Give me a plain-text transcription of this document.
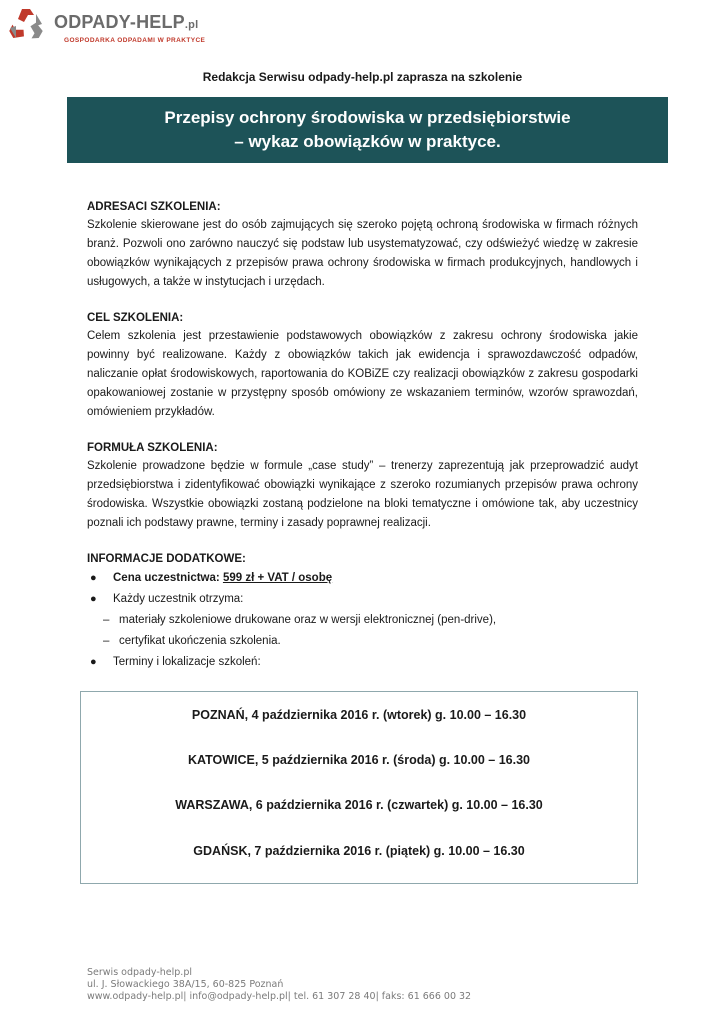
ODPADY-HELP.pl
GOSPODARKA ODPADAMI W PRAKTYCE
Redakcja Serwisu odpady-help.pl zaprasza na szkolenie
Przepisy ochrony środowiska w przedsiębiorstwie
– wykaz obowiązków w praktyce.
ADRESACI SZKOLENIA:
Szkolenie skierowane jest do osób zajmujących się szeroko pojętą ochroną środowiska w firmach różnych branż. Pozwoli ono zarówno nauczyć się podstaw lub usystematyzować, czy odświeżyć wiedzę w zakresie obowiązków wynikających z przepisów prawa ochrony środowiska w firmach produkcyjnych, handlowych i usługowych, a także w instytucjach i urzędach.
CEL SZKOLENIA:
Celem szkolenia jest przestawienie podstawowych obowiązków z zakresu ochrony środowiska jakie powinny być realizowane. Każdy z obowiązków takich jak ewidencja i sprawozdawczość odpadów, naliczanie opłat środowiskowych, raportowania do KOBiZE czy realizacji obowiązków z zakresu gospodarki opakowaniowej zostanie w przystępny sposób omówiony ze wskazaniem terminów, wzorów sprawozdań, omówieniem przykładów.
FORMUŁA SZKOLENIA:
Szkolenie prowadzone będzie w formule „case study” – trenerzy zaprezentują jak przeprowadzić audyt przedsiębiorstwa i zidentyfikować obowiązki wynikające z szeroko rozumianych przepisów prawa ochrony środowiska. Wszystkie obowiązki zostaną podzielone na bloki tematyczne i omówione tak, aby uczestnicy poznali ich podstawy prawne, terminy i zasady poprawnej realizacji.
INFORMACJE DODATKOWE:
● Cena uczestnictwa: 599 zł + VAT / osobę
● Każdy uczestnik otrzyma:
– materiały szkoleniowe drukowane oraz w wersji elektronicznej (pen-drive),
– certyfikat ukończenia szkolenia.
● Terminy i lokalizacje szkoleń:
POZNAŃ, 4 października 2016 r. (wtorek) g. 10.00 – 16.30
KATOWICE, 5 października 2016 r. (środa) g. 10.00 – 16.30
WARSZAWA, 6 października 2016 r. (czwartek) g. 10.00 – 16.30
GDAŃSK, 7 października 2016 r. (piątek) g. 10.00 – 16.30
Serwis odpady-help.pl
ul. J. Słowackiego 38A/15, 60-825 Poznań
www.odpady-help.pl| info@odpady-help.pl| tel. 61 307 28 40| faks: 61 666 00 32
